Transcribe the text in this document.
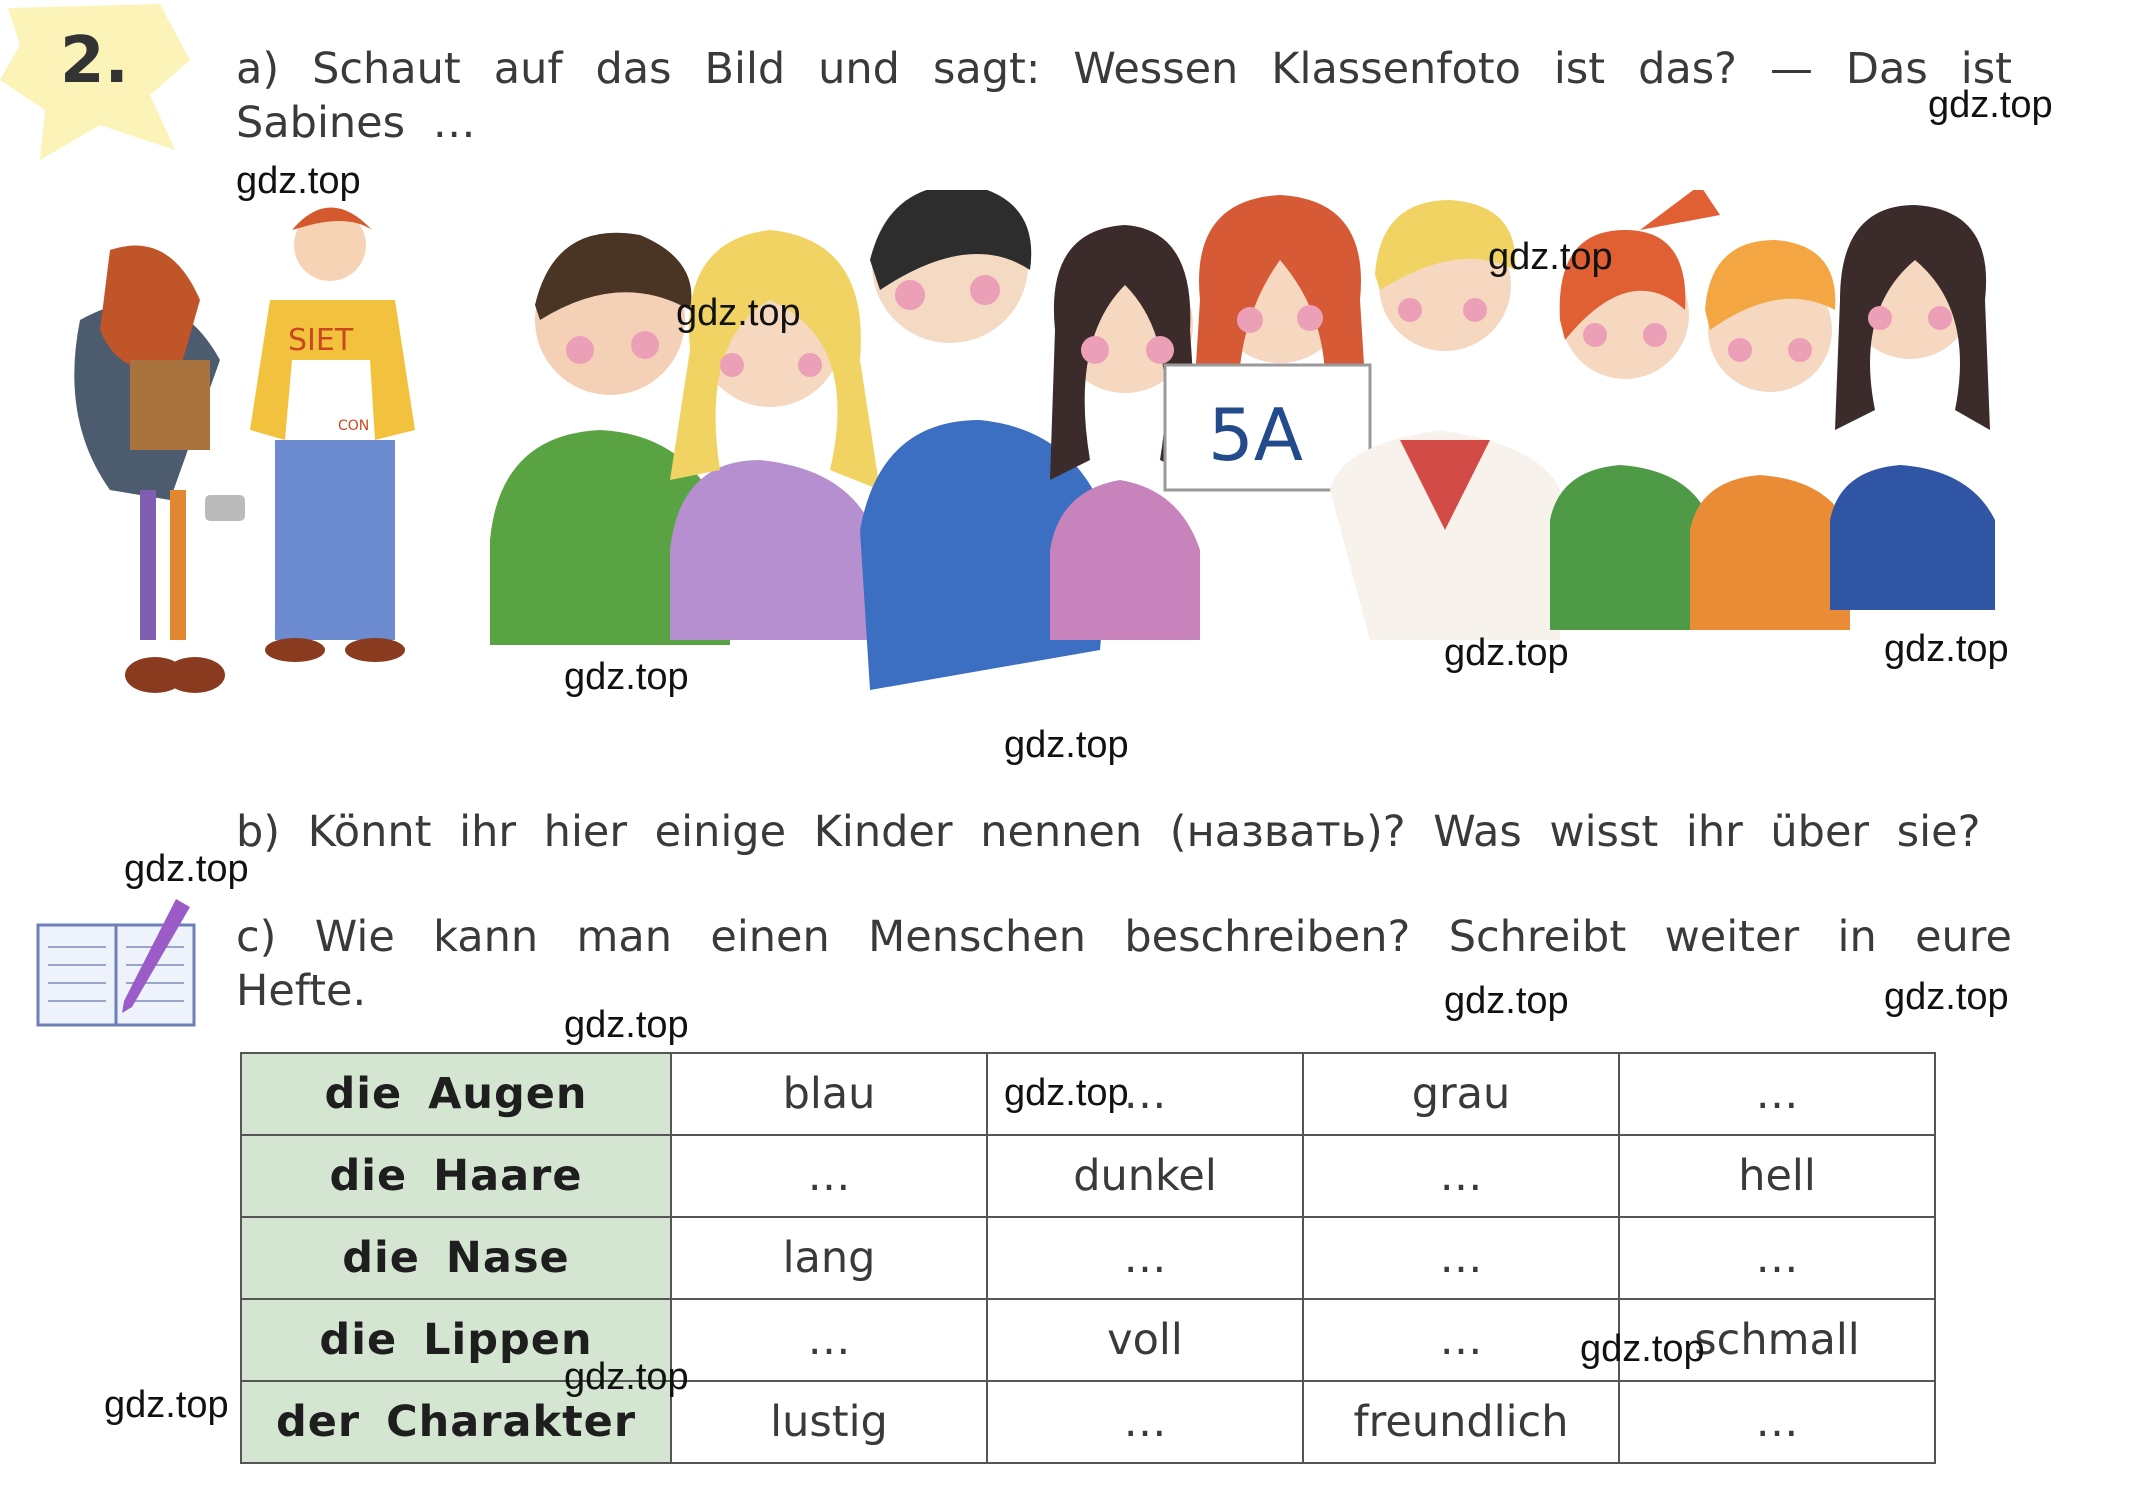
2. a) Schaut auf das Bild und sagt: Wessen Klassenfoto ist das? — Das ist Sabines …

SIET
CON	5A

b) Könnt ihr hier einige Kinder nennen (назвать)? Was wisst ihr über sie?

c) Wie kann man einen Menschen beschreiben? Schreibt weiter in eure Hefte.

die Augen	blau	…	grau	…
die Haare	…	dunkel	…	hell
die Nase	lang	…	…	…
die Lippen	…	voll	…	schmall
der Charakter	lustig	…	freundlich	…
gdz.top
gdz.top
gdz.top
gdz.top
gdz.top
gdz.top	gdz.top
gdz.top
gdz.top
gdz.top
gdz.top	gdz.top
gdz.top
gdz.top
gdz.top
gdz.top
